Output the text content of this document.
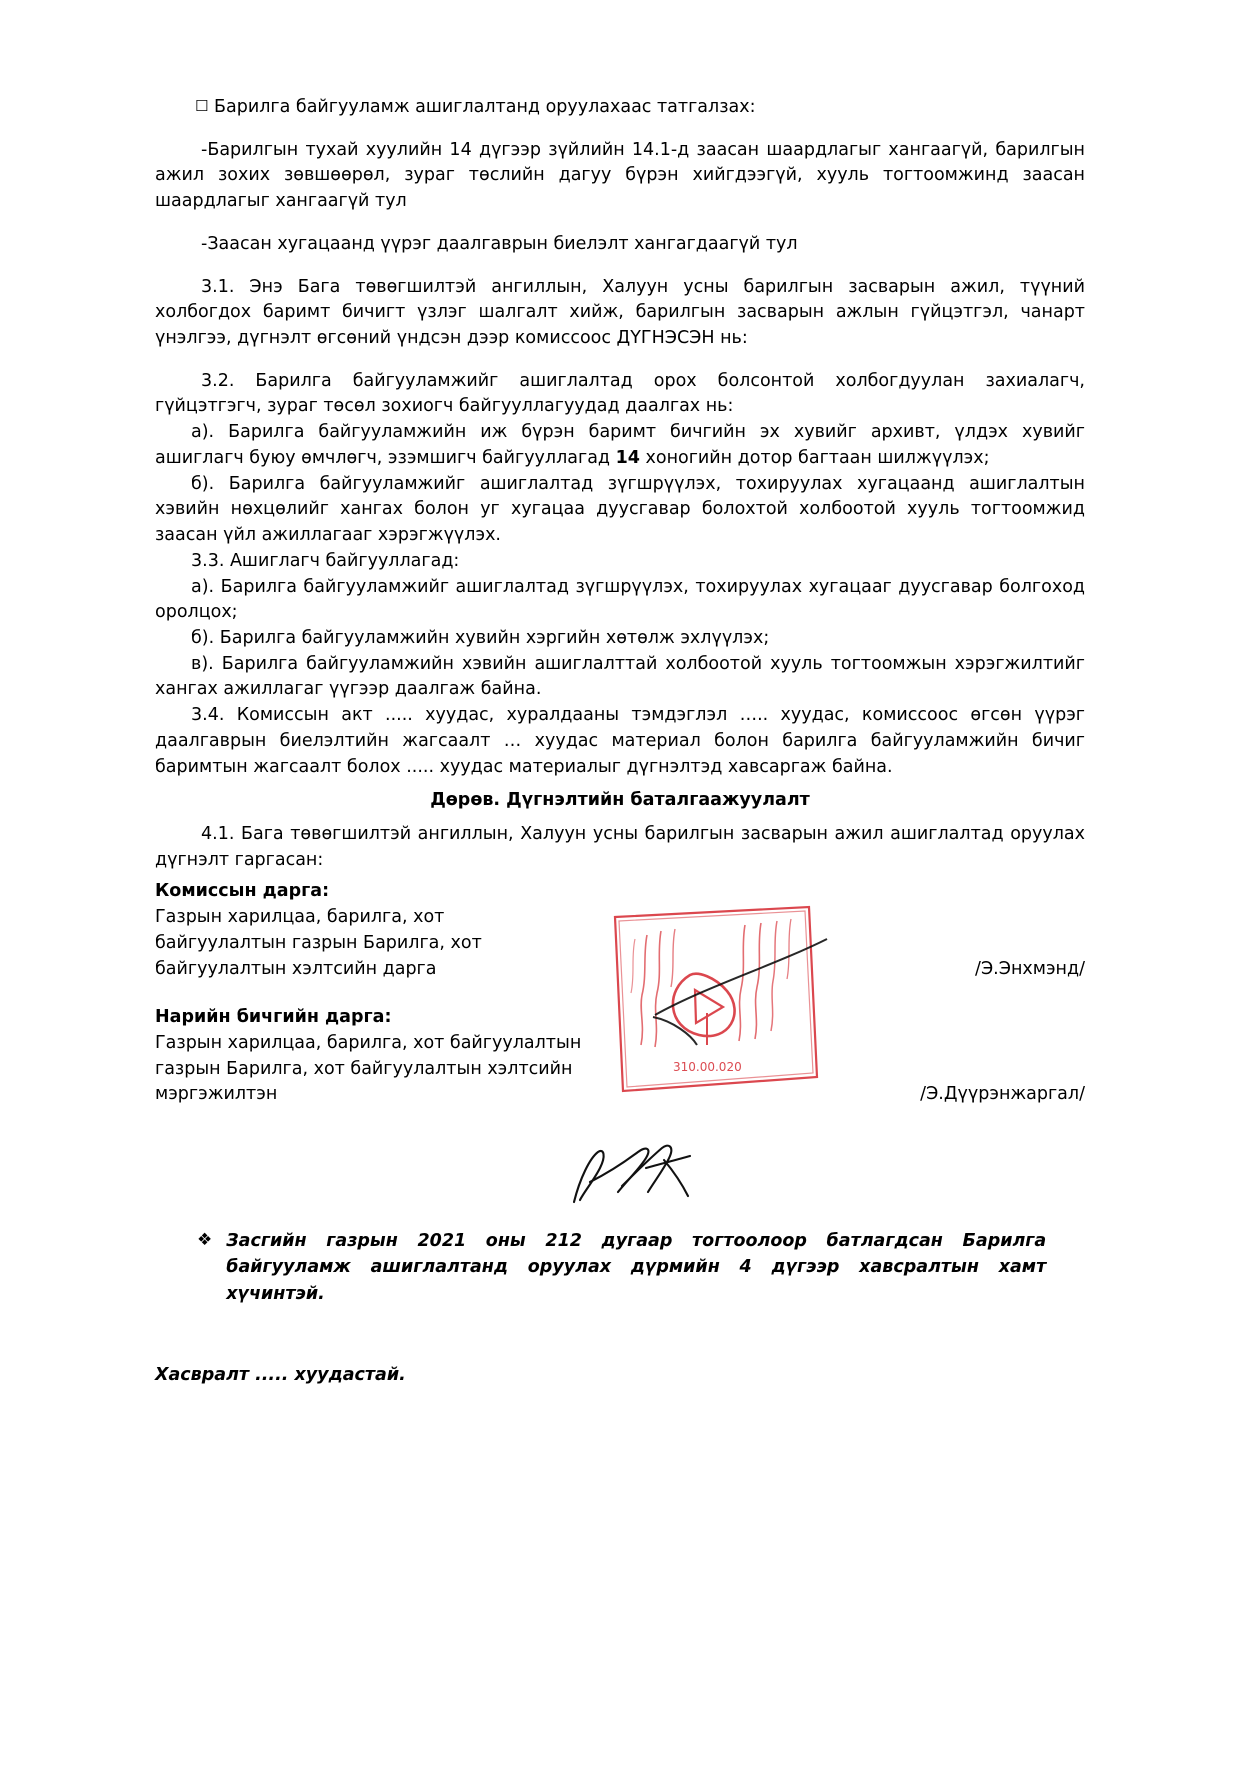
☐ Барилга байгууламж ашиглалтанд оруулахаас татгалзах:

-Барилгын тухай хуулийн 14 дүгээр зүйлийн 14.1-д заасан шаардлагыг хангаагүй, барилгын ажил зохих зөвшөөрөл, зураг төслийн дагуу бүрэн хийгдээгүй, хууль тогтоомжинд заасан шаардлагыг хангаагүй тул

-Заасан хугацаанд үүрэг даалгаврын биелэлт хангагдаагүй тул

3.1. Энэ Бага төвөгшилтэй ангиллын, Халуун усны барилгын засварын ажил, түүний холбогдох баримт бичигт үзлэг шалгалт хийж, барилгын засварын ажлын гүйцэтгэл, чанарт үнэлгээ, дүгнэлт өгсөний үндсэн дээр комиссоос ДҮГНЭСЭН нь:

3.2. Барилга байгууламжийг ашиглалтад орох болсонтой холбогдуулан захиалагч, гүйцэтгэгч, зураг төсөл зохиогч байгууллагуудад даалгах нь:

а). Барилга байгууламжийн иж бүрэн баримт бичгийн эх хувийг архивт, үлдэх хувийг ашиглагч буюу өмчлөгч, эзэмшигч байгууллагад 14 хоногийн дотор багтаан шилжүүлэх;

б). Барилга байгууламжийг ашиглалтад зүгшрүүлэх, тохируулах хугацаанд ашиглалтын хэвийн нөхцөлийг хангах болон уг хугацаа дуусгавар болохтой холбоотой хууль тогтоомжид заасан үйл ажиллагааг хэрэгжүүлэх.

3.3. Ашиглагч байгууллагад:

а). Барилга байгууламжийг ашиглалтад зүгшрүүлэх, тохируулах хугацааг дуусгавар болгоход оролцох;

б). Барилга байгууламжийн хувийн хэргийн хөтөлж эхлүүлэх;

в). Барилга байгууламжийн хэвийн ашиглалттай холбоотой хууль тогтоомжын хэрэгжилтийг хангах ажиллагаг үүгээр даалгаж байна.

3.4. Комиссын акт ..... хуудас, хуралдааны тэмдэглэл ….. хуудас, комиссоос өгсөн үүрэг даалгаврын биелэлтийн жагсаалт … хуудас материал болон барилга байгууламжийн бичиг баримтын жагсаалт болох ..... хуудас материалыг дүгнэлтэд хавсаргаж байна.

Дөрөв. Дүгнэлтийн баталгаажуулалт

4.1. Бага төвөгшилтэй ангиллын, Халуун усны барилгын засварын ажил ашиглалтад оруулах дүгнэлт гаргасан:

Комиссын дарга:
Газрын харилцаа, барилга, хот
байгуулалтын газрын Барилга, хот
байгуулалтын хэлтсийн дарга	/Э.Энхмэнд/
Нарийн бичгийн дарга:
Газрын харилцаа, барилга, хот байгуулалтын
газрын Барилга, хот байгуулалтын хэлтсийн
мэргэжилтэн	/Э.Дүүрэнжаргал/
❖ Засгийн газрын 2021 оны 212 дугаар тогтоолоор батлагдсан Барилга байгууламж ашиглалтанд оруулах дүрмийн 4 дүгээр хавсралтын хамт хүчинтэй.
Хасвралт ..... хуудастай.
310.00.020
